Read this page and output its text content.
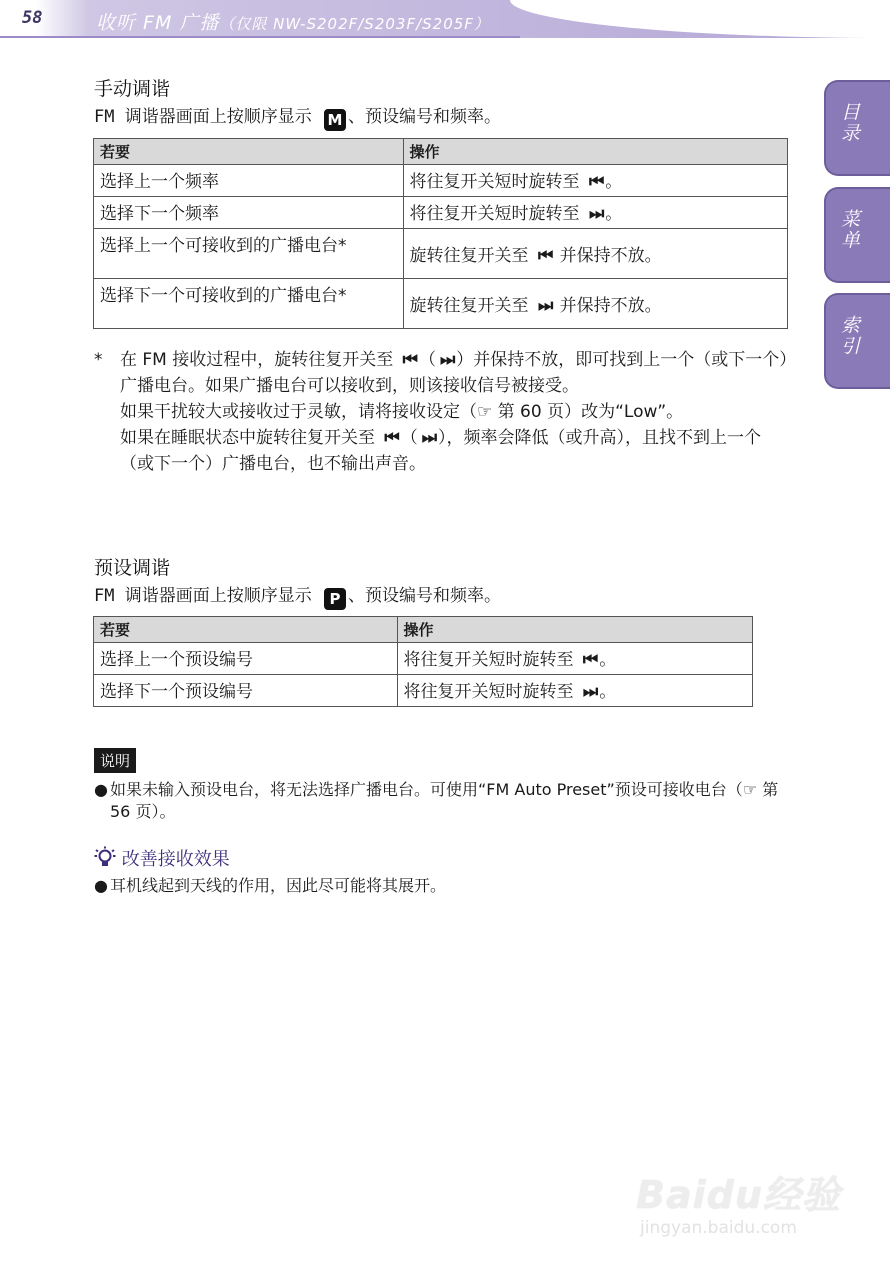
58	收听 FM 广播（仅限 NW-S202F/S203F/S205F）
目录
菜单
索引
手动调谐
FM 调谐器画面上按顺序显示 M 、预设编号和频率。
若要	操作
选择上一个频率	将往复开关短时旋转至 ⏮ 。
选择下一个频率	将往复开关短时旋转至 ⏭ 。
选择上一个可接收到的广播电台*	旋转往复开关至 ⏮ 并保持不放。
选择下一个可接收到的广播电台*	旋转往复开关至 ⏭ 并保持不放。
* 在 FM 接收过程中，旋转往复开关至 ⏮ （ ⏭ ）并保持不放，即可找到上一个（或下一个）广播电台。如果广播电台可以接收到，则该接收信号被接受。

如果干扰较大或接收过于灵敏，请将接收设定（☞ 第 60 页）改为“Low”。

如果在睡眠状态中旋转往复开关至 ⏮ （ ⏭ ），频率会降低（或升高），且找不到上一个（或下一个）广播电台，也不输出声音。

预设调谐
FM 调谐器画面上按顺序显示 P 、预设编号和频率。
若要	操作
选择上一个预设编号	将往复开关短时旋转至 ⏮ 。
选择下一个预设编号	将往复开关短时旋转至 ⏭ 。
说明
● 如果未输入预设电台，将无法选择广播电台。可使用“FM Auto Preset”预设可接收电台（☞ 第 56 页）。
改善接收效果
● 耳机线起到天线的作用，因此尽可能将其展开。
Baidu经验
jingyan.baidu.com
